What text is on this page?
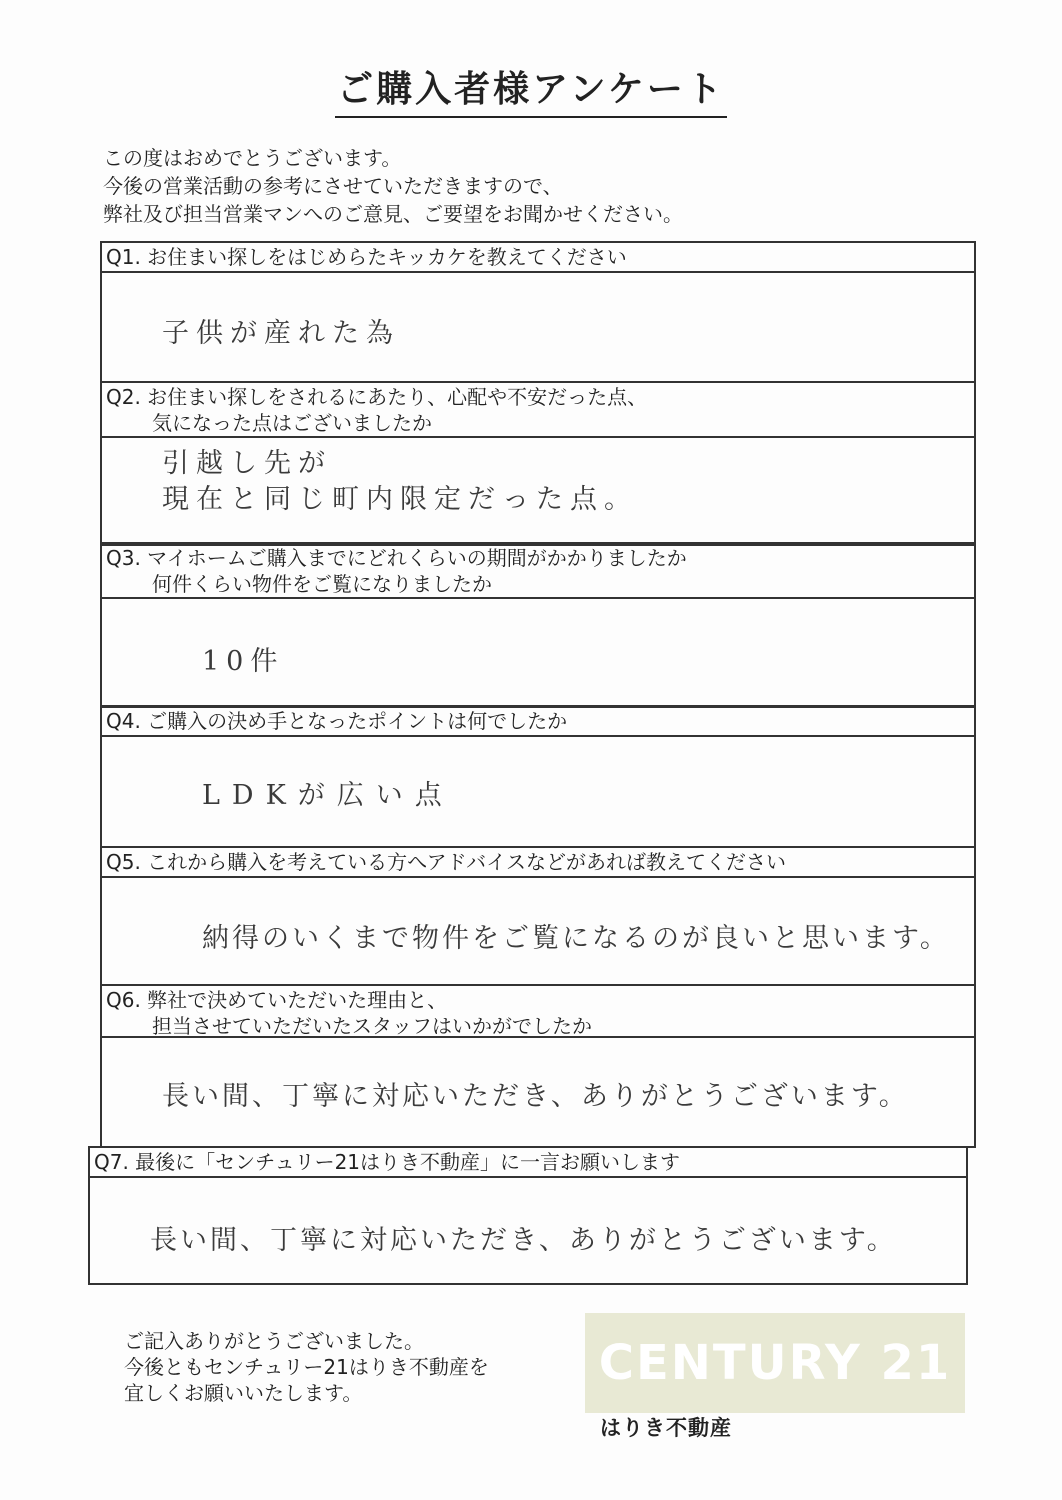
ご購入者様アンケート
この度はおめでとうございます。
今後の営業活動の参考にさせていただきますので、
弊社及び担当営業マンへのご意見、ご要望をお聞かせください。
Q1. お住まい探しをはじめらたキッカケを教えてください
子供が産れた為
Q2. お住まい探しをされるにあたり、心配や不安だった点、
気になった点はございましたか
引越し先が
現在と同じ町内限定だった点。
Q3. マイホームご購入までにどれくらいの期間がかかりましたか
何件くらい物件をご覧になりましたか
10件
Q4. ご購入の決め手となったポイントは何でしたか
LDKが広い点
Q5. これから購入を考えている方へアドバイスなどがあれば教えてください
納得のいくまで物件をご覧になるのが良いと思います。
Q6. 弊社で決めていただいた理由と、
担当させていただいたスタッフはいかがでしたか
長い間、丁寧に対応いただき、ありがとうございます。
Q7. 最後に「センチュリー21はりき不動産」に一言お願いします
長い間、丁寧に対応いただき、ありがとうございます。
ご記入ありがとうございました。
今後ともセンチュリー21はりき不動産を
宜しくお願いいたします。
CENTURY 21
はりき不動産
